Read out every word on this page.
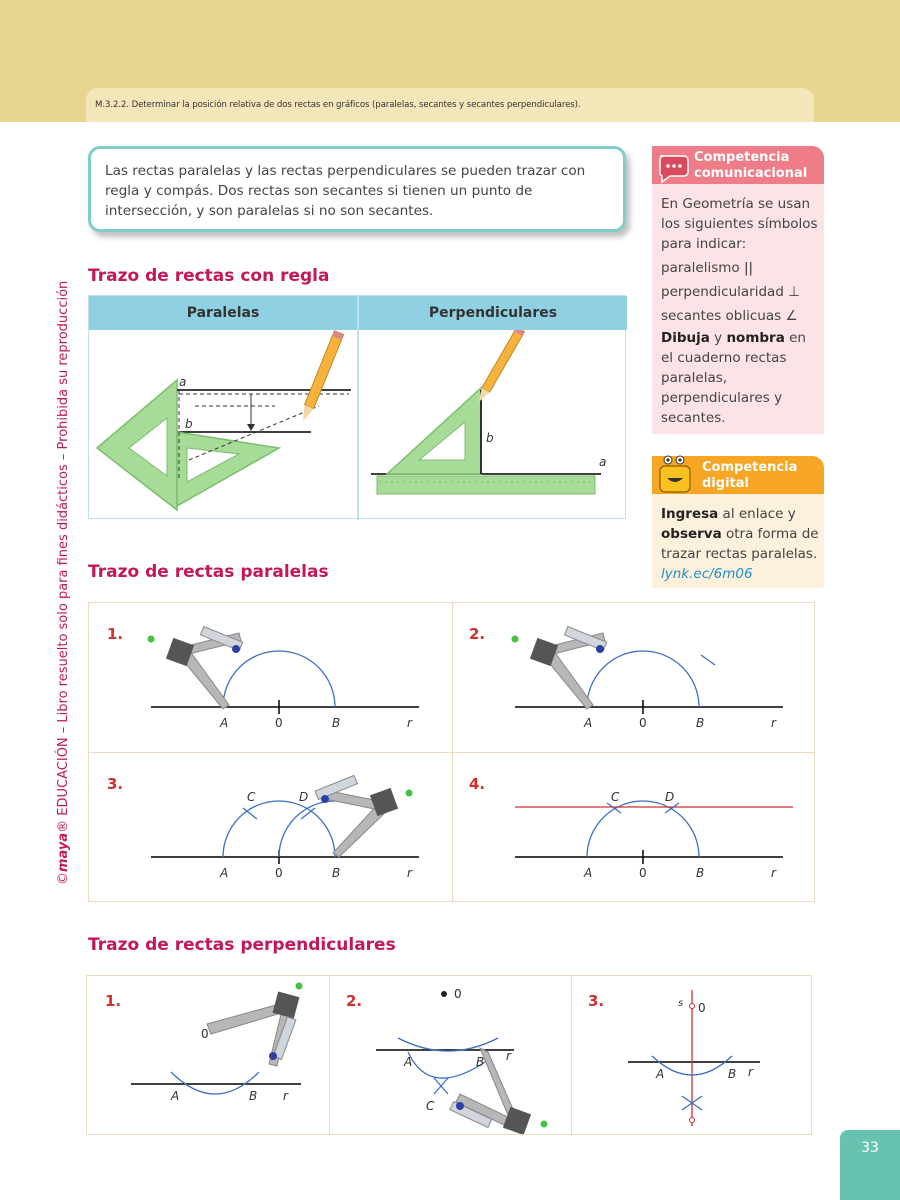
M.3.2.2. Determinar la posición relativa de dos rectas en gráficos (paralelas, secantes y secantes perpendiculares).
©maya® EDUCACIÓN – Libro resuelto solo para fines didácticos – Prohibida su reproducción
Las rectas paralelas y las rectas perpendiculares se pueden trazar con regla y compás. Dos rectas son secantes si tienen un punto de intersección, y son paralelas si no son secantes.
Trazo de rectas con regla
Paralelas	Perpendiculares
a
b
a
b
Trazo de rectas paralelas
1.
A	0	B	r
2.
A	0	B	r
3.
A	0	B	r
C	D
4.
A	0	B	r
C	D
Trazo de rectas perpendiculares
1.
A	B r
0
2.
A	B r
0
C
3.
A	B r
0
s
Competencia
comunicacional
En Geometría se usan los siguientes símbolos para indicar:
paralelismo ||
perpendicularidad ⊥
secantes oblicuas ∠
Dibuja y nombra en el cuaderno rectas paralelas, perpendiculares y secantes.
Competencia
digital
Ingresa al enlace y observa otra forma de trazar rectas paralelas.
lynk.ec/6m06
33
